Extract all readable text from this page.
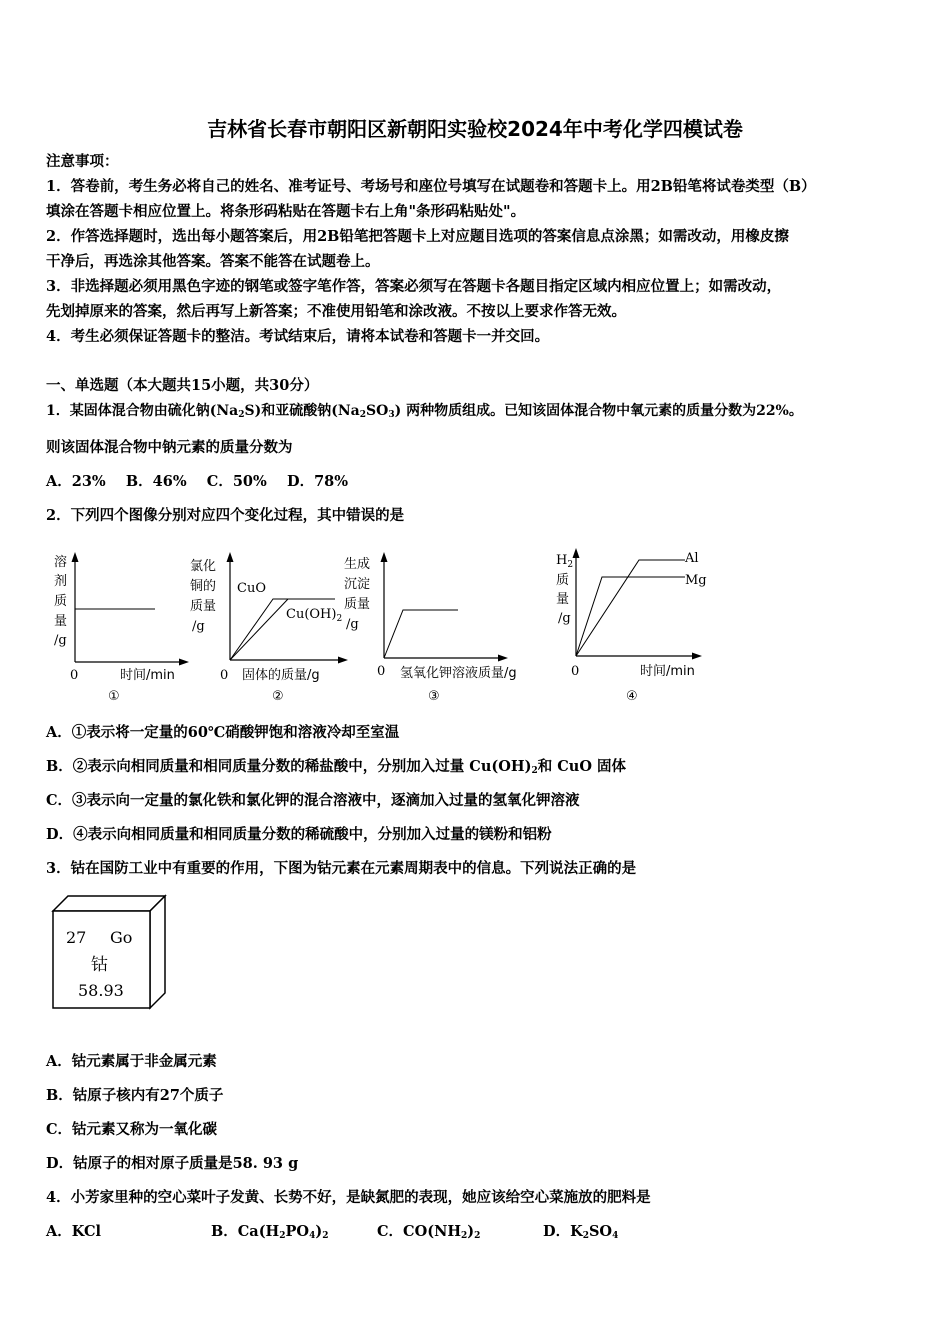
吉林省长春市朝阳区新朝阳实验校2024年中考化学四模试卷
注意事项：
1．答卷前，考生务必将自己的姓名、准考证号、考场号和座位号填写在试题卷和答题卡上。用2B铅笔将试卷类型（B）
填涂在答题卡相应位置上。将条形码粘贴在答题卡右上角"条形码粘贴处"。
2．作答选择题时，选出每小题答案后，用2B铅笔把答题卡上对应题目选项的答案信息点涂黑；如需改动，用橡皮擦
干净后，再选涂其他答案。答案不能答在试题卷上。
3．非选择题必须用黑色字迹的钢笔或签字笔作答，答案必须写在答题卡各题目指定区域内相应位置上；如需改动，
先划掉原来的答案，然后再写上新答案；不准使用铅笔和涂改液。不按以上要求作答无效。
4．考生必须保证答题卡的整洁。考试结束后，请将本试卷和答题卡一并交回。
一、单选题（本大题共15小题，共30分）
1．某固体混合物由硫化钠$(Na_2S)$和亚硫酸钠$(Na_2SO_3)$ 两种物质组成。已知该固体混合物中氧元素的质量分数为22%。
则该固体混合物中钠元素的质量分数为
A．23%    B．46%    C．50%    D．78%
2．下列四个图像分别对应四个变化过程，其中错误的是
溶
剂
质
量
/g
0	时间/min
①
氯化
铜的
质量
/g
CuO
$Cu(OH)_2$
0 固体的质量/g
②
生成
沉淀
质量
/g
0 氢氧化钾溶液质量/g
③
$H_2$
质
量
/g
Al
Mg
0	时间/min
④
A．①表示将一定量的60℃硝酸钾饱和溶液冷却至室温
B．②表示向相同质量和相同质量分数的稀盐酸中，分别加入过量 $Cu(OH)_2$和 CuO 固体
C．③表示向一定量的氯化铁和氯化钾的混合溶液中，逐滴加入过量的氢氧化钾溶液
D．④表示向相同质量和相同质量分数的稀硫酸中，分别加入过量的镁粉和铝粉
3．钴在国防工业中有重要的作用，下图为钴元素在元素周期表中的信息。下列说法正确的是
27 Go
钴
58.93
A．钴元素属于非金属元素
B．钴原子核内有27个质子
C．钴元素又称为一氧化碳
D．钴原子的相对原子质量是58. 93 g
4．小芳家里种的空心菜叶子发黄、长势不好，是缺氮肥的表现，她应该给空心菜施放的肥料是
A．KCl	B．$Ca(H_2PO_4)_2$	C．$CO(NH_2)_2$	D．$K_2SO_4$
